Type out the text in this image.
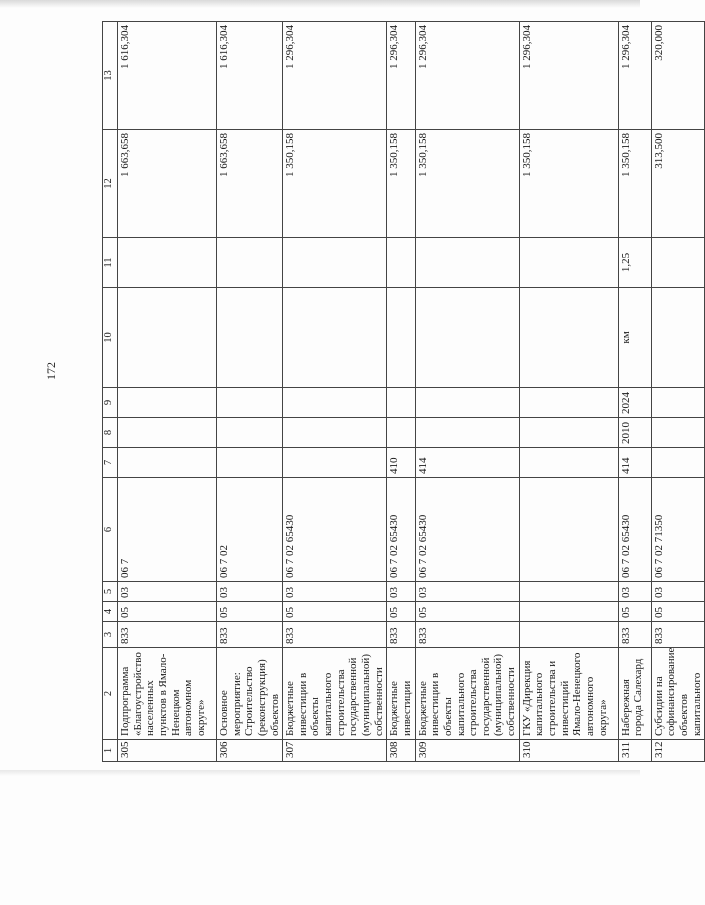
172
1	2	3	4	5	6	7	8	9	10	11	12	13
305	Подпрограмма «Благоустройство населенных пунктов в Ямало-Ненецком автономном округе»	833	05	03	06 7						1 663,658	1 616,304
306	Основное мероприятие: Строительство (реконструкция) объектов	833	05	03	06 7 02						1 663,658	1 616,304
307	Бюджетные инвестиции в объекты капитального строительства государственной (муниципальной) собственности	833	05	03	06 7 02 65430						1 350,158	1 296,304
308	Бюджетные инвестиции	833	05	03	06 7 02 65430	410					1 350,158	1 296,304
309	Бюджетные инвестиции в объекты капитального строительства государственной (муниципальной) собственности	833	05	03	06 7 02 65430	414					1 350,158	1 296,304
310	ГКУ «Дирекция капитального строительства и инвестиций Ямало-Ненецкого автономного округа»										1 350,158	1 296,304
311	Набережная города Салехард	833	05	03	06 7 02 65430	414	2010	2024	км	1,25	1 350,158	1 296,304
312	Субсидии на софинансирование объектов капитального	833	05	03	06 7 02 71350						313,500	320,000
